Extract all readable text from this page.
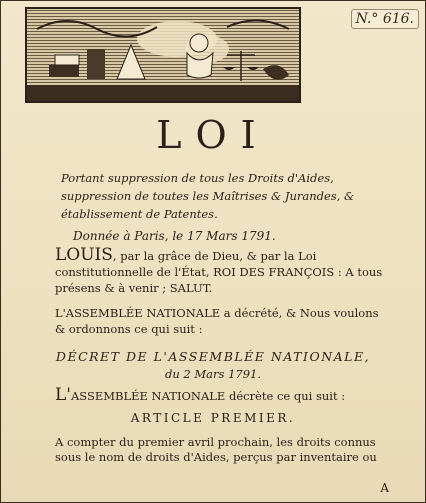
N.° 616.
LOI
Portant suppression de tous les Droits d'Aides, suppression de toutes les Maîtrises & Jurandes, & établissement de Patentes.
Donnée à Paris, le 17 Mars 1791.
LOUIS, par la grâce de Dieu, & par la Loi constitutionnelle de l'État, ROI DES FRANÇOIS : A tous présens & à venir ; SALUT.
L'ASSEMBLÉE NATIONALE a décrété, & Nous voulons & ordonnons ce qui suit :
DÉCRET DE L'ASSEMBLÉE NATIONALE,
du 2 Mars 1791.
L'ASSEMBLÉE NATIONALE décrète ce qui suit :
ARTICLE PREMIER.
A compter du premier avril prochain, les droits connus sous le nom de droits d'Aides, perçus par inventaire ou
A
